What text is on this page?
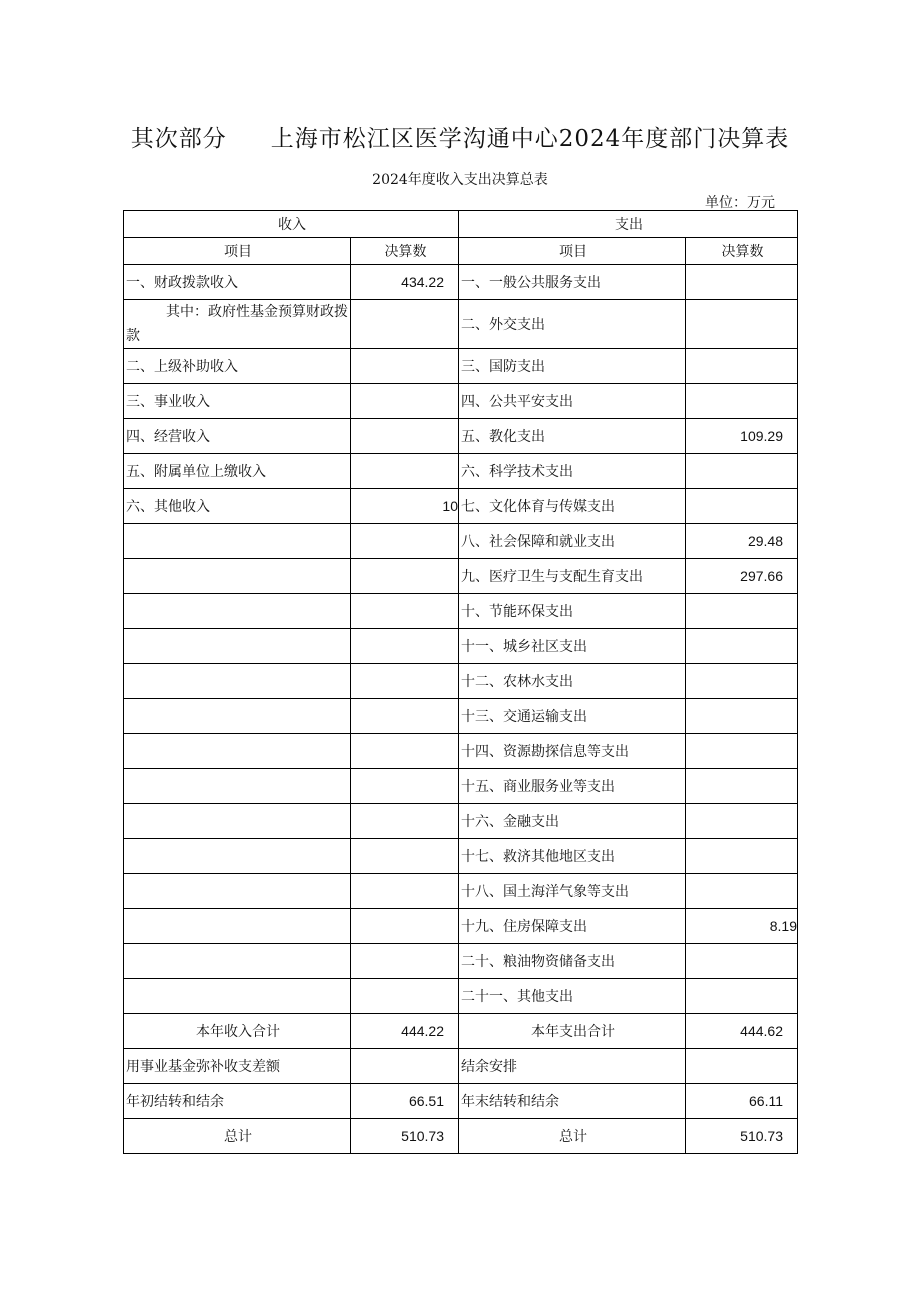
其次部分 上海市松江区医学沟通中心2024年度部门决算表
2024年度收入支出决算总表
单位：万元
收入		支出	
项目	决算数	项目	决算数
一、财政拨款收入	434.22	一、一般公共服务支出	
其中：政府性基金预算财政拨款		二、外交支出	
二、上级补助收入		三、国防支出	
三、事业收入		四、公共平安支出	
四、经营收入		五、教化支出	109.29
五、附属单位上缴收入		六、科学技术支出	
六、其他收入	10	七、文化体育与传媒支出	
		八、社会保障和就业支出	29.48
		九、医疗卫生与支配生育支出	297.66
		十、节能环保支出	
		十一、城乡社区支出	
		十二、农林水支出	
		十三、交通运输支出	
		十四、资源勘探信息等支出	
		十五、商业服务业等支出	
		十六、金融支出	
		十七、救济其他地区支出	
		十八、国土海洋气象等支出	
		十九、住房保障支出	8.19
		二十、粮油物资储备支出	
		二十一、其他支出	
本年收入合计	444.22	本年支出合计	444.62
用事业基金弥补收支差额		结余安排	
年初结转和结余	66.51	年末结转和结余	66.11
总计	510.73	总计	510.73
